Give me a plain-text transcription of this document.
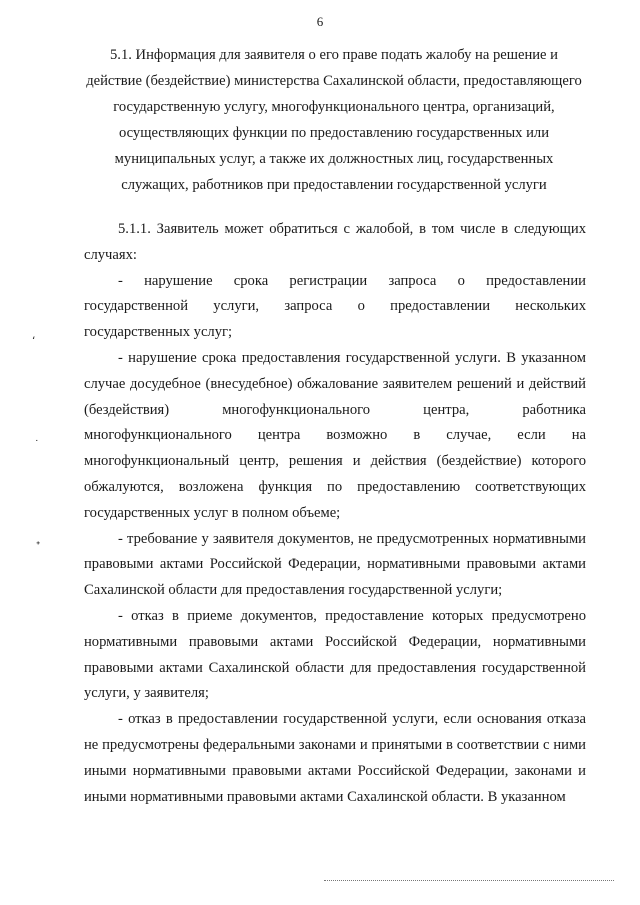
6
5.1. Информация для заявителя о его праве подать жалобу на решение и
действие (бездействие) министерства Сахалинской области, предоставляющего
государственную услугу, многофункционального центра, организаций,
осуществляющих функции по предоставлению государственных или
муниципальных услуг, а также их должностных лиц, государственных
служащих, работников при предоставлении государственной услуги

5.1.1. Заявитель может обратиться с жалобой, в том числе в следующих случаях:

- нарушение срока регистрации запроса о предоставлении государственной услуги, запроса о предоставлении нескольких государственных услуг;

- нарушение срока предоставления государственной услуги. В указанном случае досудебное (внесудебное) обжалование заявителем решений и действий (бездействия) многофункционального центра, работника многофункционального центра возможно в случае, если на многофункциональный центр, решения и действия (бездействие) которого обжалуются, возложена функция по предоставлению соответствующих государственных услуг в полном объеме;

- требование у заявителя документов, не предусмотренных нормативными правовыми актами Российской Федерации, нормативными правовыми актами Сахалинской области для предоставления государственной услуги;

- отказ в приеме документов, предоставление которых предусмотрено нормативными правовыми актами Российской Федерации, нормативными правовыми актами Сахалинской области для предоставления государственной услуги, у заявителя;

- отказ в предоставлении государственной услуги, если основания отказа не предусмотрены федеральными законами и принятыми в соответствии с ними иными нормативными правовыми актами Российской Федерации, законами и иными нормативными правовыми актами Сахалинской области. В указанном

ʻ
˙
˖
